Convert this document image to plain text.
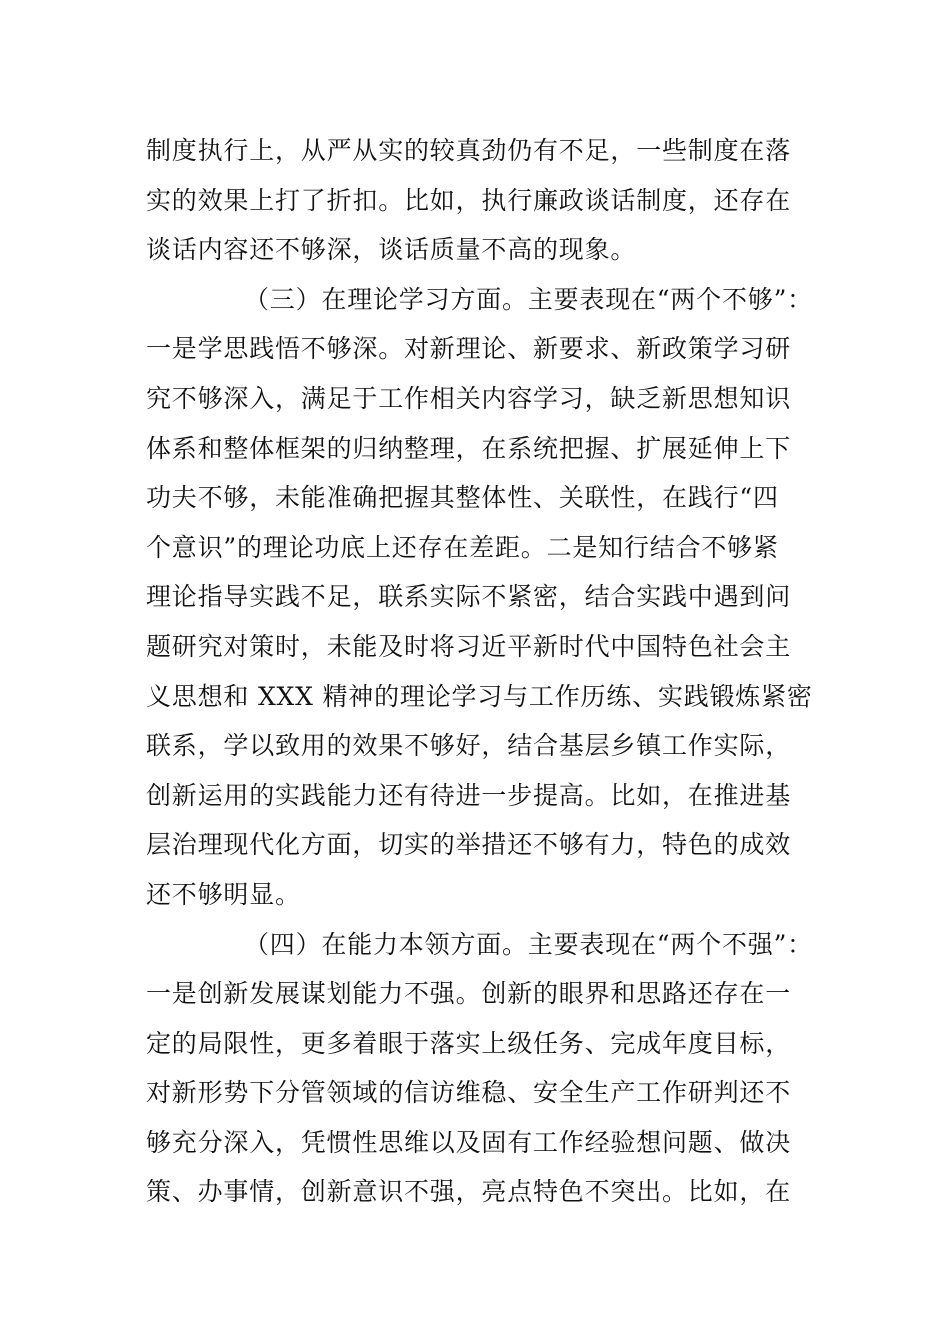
制度执行上，从严从实的较真劲仍有不足，一些制度在落
实的效果上打了折扣。比如，执行廉政谈话制度，还存在
谈话内容还不够深，谈话质量不高的现象。
（三）在理论学习方面。主要表现在“两个不够”：
一是学思践悟不够深。对新理论、新要求、新政策学习研
究不够深入，满足于工作相关内容学习，缺乏新思想知识
体系和整体框架的归纳整理，在系统把握、扩展延伸上下
功夫不够，未能准确把握其整体性、关联性，在践行“四
个意识”的理论功底上还存在差距。二是知行结合不够紧
理论指导实践不足，联系实际不紧密，结合实践中遇到问
题研究对策时，未能及时将习近平新时代中国特色社会主
义思想和 XXX 精神的理论学习与工作历练、实践锻炼紧密
联系，学以致用的效果不够好，结合基层乡镇工作实际，
创新运用的实践能力还有待进一步提高。比如，在推进基
层治理现代化方面，切实的举措还不够有力，特色的成效
还不够明显。
（四）在能力本领方面。主要表现在“两个不强”：
一是创新发展谋划能力不强。创新的眼界和思路还存在一
定的局限性，更多着眼于落实上级任务、完成年度目标，
对新形势下分管领域的信访维稳、安全生产工作研判还不
够充分深入，凭惯性思维以及固有工作经验想问题、做决
策、办事情，创新意识不强，亮点特色不突出。比如，在
